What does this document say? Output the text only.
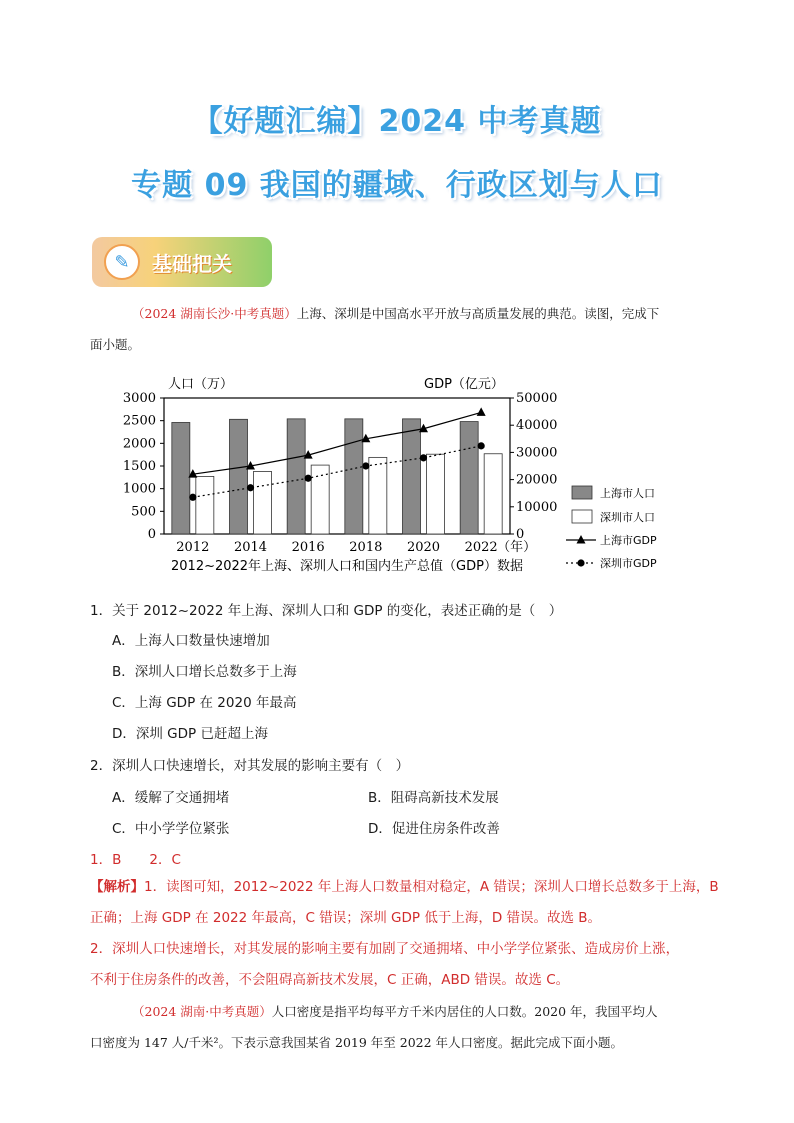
【好题汇编】2024 中考真题
专题 09 我国的疆域、行政区划与人口
✎	基础把关
（2024 湖南长沙·中考真题）上海、深圳是中国高水平开放与高质量发展的典范。读图，完成下
面小题。
0
500
1000
1500
2000
2500
3000
0
10000
20000
30000
40000
50000
人口（万）	GDP（亿元）
2012 2014 2016 2018 2020 2022 （年）
2012~2022年上海、深圳人口和国内生产总值（GDP）数据
上海市人口
深圳市人口
上海市GDP
深圳市GDP
1．关于 2012~2022 年上海、深圳人口和 GDP 的变化，表述正确的是（　）
A．上海人口数量快速增加
B．深圳人口增长总数多于上海
C．上海 GDP 在 2020 年最高
D．深圳 GDP 已赶超上海
2．深圳人口快速增长，对其发展的影响主要有（　）
A．缓解了交通拥堵	B．阻碍高新技术发展
C．中小学学位紧张	D．促进住房条件改善
1．B 2．C
【解析】1．读图可知，2012~2022 年上海人口数量相对稳定，A 错误；深圳人口增长总数多于上海，B
正确；上海 GDP 在 2022 年最高，C 错误；深圳 GDP 低于上海，D 错误。故选 B。
2．深圳人口快速增长，对其发展的影响主要有加剧了交通拥堵、中小学学位紧张、造成房价上涨，
不利于住房条件的改善，不会阻碍高新技术发展，C 正确，ABD 错误。故选 C。
（2024 湖南·中考真题）人口密度是指平均每平方千米内居住的人口数。2020 年，我国平均人
口密度为 147 人/千米²。下表示意我国某省 2019 年至 2022 年人口密度。据此完成下面小题。
